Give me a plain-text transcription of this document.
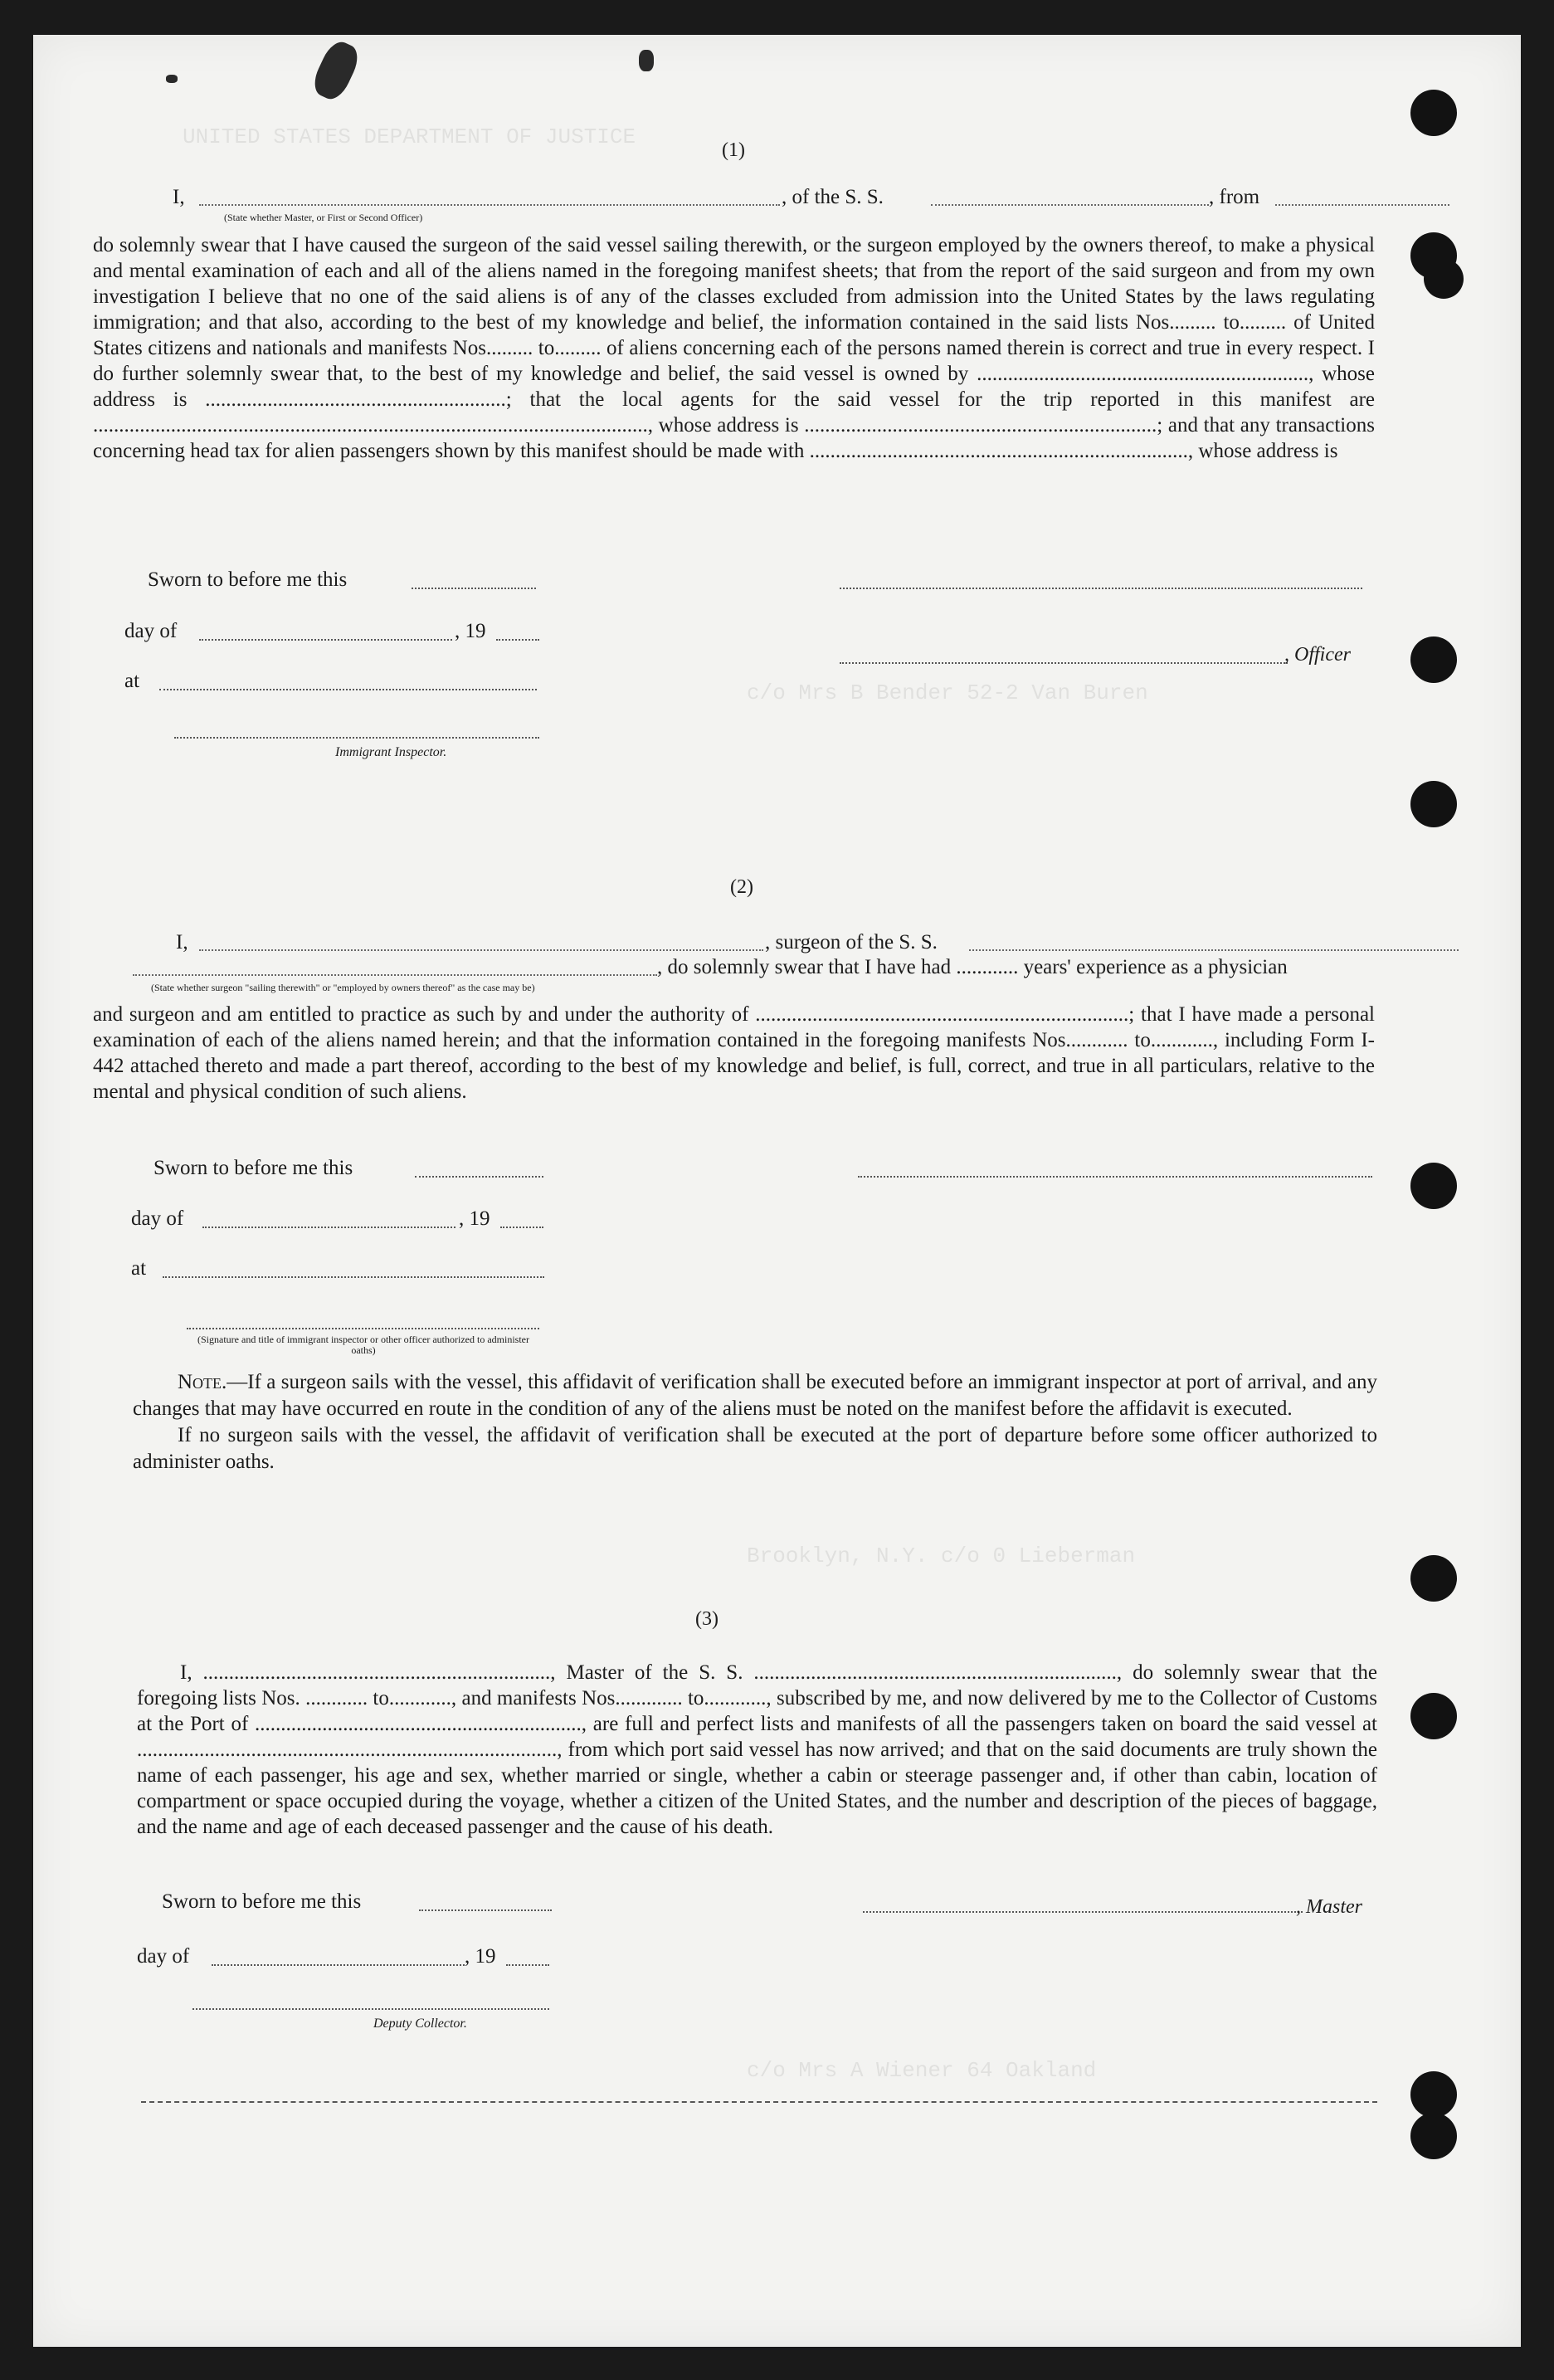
UNITED STATES DEPARTMENT OF JUSTICE
c/o Mrs B Bender 52-2 Van Buren
Brooklyn, N.Y. c/o 0 Lieberman
c/o Mrs A Wiener 64 Oakland
(1)
I,	, of the S. S.	, from
(State whether Master, or First or Second Officer)

do solemnly swear that I have caused the surgeon of the said vessel sailing therewith, or the surgeon employed by the owners thereof, to make a physical and mental examination of each and all of the aliens named in the foregoing manifest sheets; that from the report of the said surgeon and from my own investigation I believe that no one of the said aliens is of any of the classes excluded from admission into the United States by the laws regulating immigration; and that also, according to the best of my knowledge and belief, the information contained in the said lists Nos......... to......... of United States citizens and nationals and manifests Nos......... to......... of aliens concerning each of the persons named therein is correct and true in every respect. I do further solemnly swear that, to the best of my knowledge and belief, the said vessel is owned by ................................................................, whose address is ..........................................................; that the local agents for the said vessel for the trip reported in this manifest are ..........................................................................................................., whose address is ....................................................................; and that any transactions concerning head tax for alien passengers shown by this manifest should be made with ........................................................................., whose address is

Sworn to before me this
day of	, 19
, Officer
at
Immigrant Inspector.
(2)
I,	, surgeon of the S. S.
, do solemnly swear that I have had ............ years' experience as a physician
(State whether surgeon "sailing therewith" or "employed by owners thereof" as the case may be)

and surgeon and am entitled to practice as such by and under the authority of ........................................................................; that I have made a personal examination of each of the aliens named herein; and that the information contained in the foregoing manifests Nos............ to............, including Form I-442 attached thereto and made a part thereof, according to the best of my knowledge and belief, is full, correct, and true in all particulars, relative to the mental and physical condition of such aliens.

Sworn to before me this
day of	, 19
at
(Signature and title of immigrant inspector or other officer authorized to administer oaths)

Note.—If a surgeon sails with the vessel, this affidavit of verification shall be executed before an immigrant inspector at port of arrival, and any changes that may have occurred en route in the condition of any of the aliens must be noted on the manifest before the affidavit is executed.

If no surgeon sails with the vessel, the affidavit of verification shall be executed at the port of departure before some officer authorized to administer oaths.

(3)

I, ..................................................................., Master of the S. S. ......................................................................, do solemnly swear that the foregoing lists Nos. ............ to............, and manifests Nos............. to............, subscribed by me, and now delivered by me to the Collector of Customs at the Port of ..............................................................., are full and perfect lists and manifests of all the passengers taken on board the said vessel at ................................................................................., from which port said vessel has now arrived; and that on the said documents are truly shown the name of each passenger, his age and sex, whether married or single, whether a cabin or steerage passenger and, if other than cabin, location of compartment or space occupied during the voyage, whether a citizen of the United States, and the number and description of the pieces of baggage, and the name and age of each deceased passenger and the cause of his death.

Sworn to before me this	, Master
day of	, 19
Deputy Collector.
